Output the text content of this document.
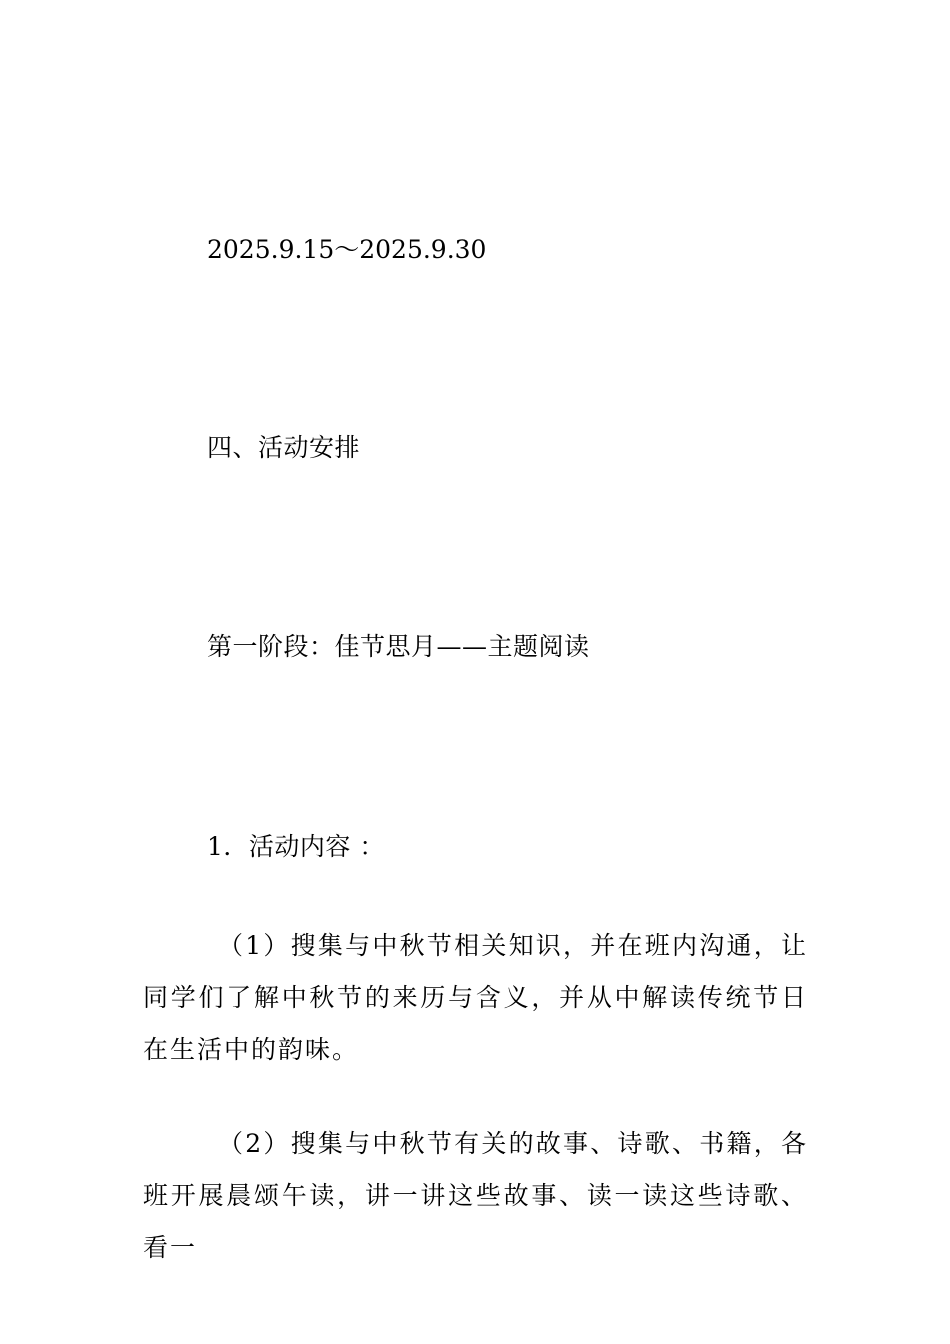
2025.9.15～2025.9.30
四、活动安排
第一阶段：佳节思月——主题阅读
1．活动内容 ：
（1）搜集与中秋节相关知识，并在班内沟通，让同学们了解中秋节的来历与含义，并从中解读传统节日在生活中的韵味。
（2）搜集与中秋节有关的故事、诗歌、书籍，各班开展晨颂午读，讲一讲这些故事、读一读这些诗歌、看一
